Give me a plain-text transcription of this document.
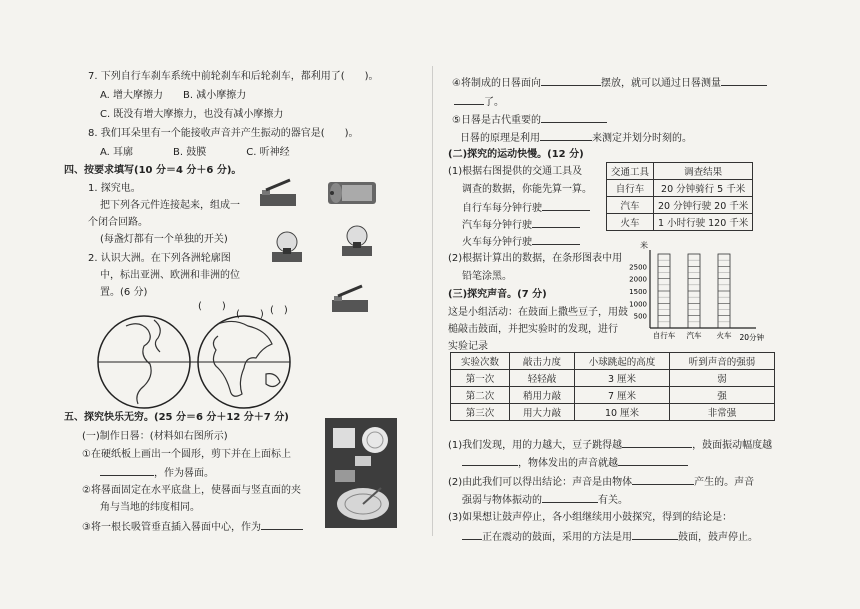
7. 下列自行车刹车系统中前轮刹车和后轮刹车，都利用了(　　)。
A. 增大摩擦力　　B. 减小摩擦力
C. 既没有增大摩擦力，也没有减小摩擦力
8. 我们耳朵里有一个能接收声音并产生振动的器官是(　　)。
A. 耳廓　　　　B. 鼓膜　　　　C. 听神经
四、按要求填写(10 分＝4 分＋6 分)。
1. 探究电。
把下列各元件连接起来，组成一
个闭合回路。
(每盏灯都有一个单独的开关)
2. 认识大洲。在下列各洲轮廓图
中，标出亚洲、欧洲和非洲的位
置。(6 分)
(　　)
(　　) (　)
五、探究快乐无穷。(25 分＝6 分＋12 分＋7 分)
(一)制作日晷：(材料如右图所示)
①在硬纸板上画出一个圆形，剪下并在上面标上
，作为晷面。
②将晷面固定在水平底盘上，使晷面与竖直面的夹
角与当地的纬度相同。
③将一根长吸管垂直插入晷面中心，作为
④将制成的日晷面向	摆放，就可以通过日晷测量
了。
⑤日晷是古代重要的
日晷的原理是利用	来测定并划分时刻的。
(二)探究的运动快慢。(12 分)
(1)根据右图提供的交通工具及
调查的数据，你能先算一算。
自行车每分钟行驶
汽车每分钟行驶
火车每分钟行驶
(2)根据计算出的数据，在条形图表中用
铅笔涂黑。
(三)探究声音。(7 分)
这是小组活动：在鼓面上撒些豆子，用鼓
槌敲击鼓面，并把实验时的发现，进行
实验记录
交通工具	调查结果
自行车	20 分钟骑行 5 千米
汽车	20 分钟行驶 20 千米
火车	1 小时行驶 120 千米
米
500
1000
1500
2000
2500
自行车 汽车 火车 20分钟
实验次数	敲击力度	小球跳起的高度	听到声音的强弱
第一次	轻轻敲	3 厘米	弱
第二次	稍用力敲	7 厘米	强
第三次	用大力敲	10 厘米	非常强
(1)我们发现，用的力越大，豆子跳得越	，鼓面振动幅度越
，物体发出的声音就越
(2)由此我们可以得出结论：声音是由物体	产生的。声音
强弱与物体振动的	有关。
(3)如果想让鼓声停止，各小组继续用小鼓探究，得到的结论是：
正在震动的鼓面，采用的方法是用	鼓面，鼓声停止。
